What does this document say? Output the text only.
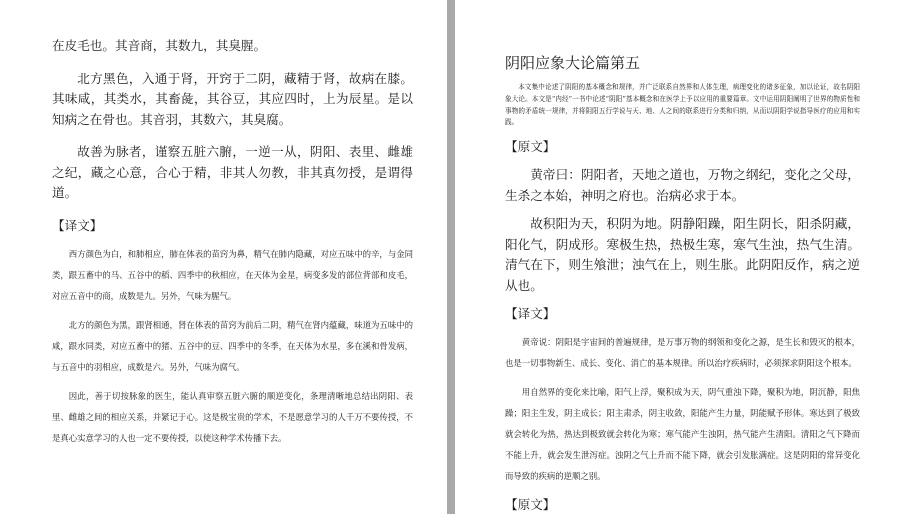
在皮毛也。其音商，其数九，其臭腥。

北方黑色，入通于肾，开窍于二阴，藏精于肾，故病在膝。其味咸，其类水，其畜彘，其谷豆，其应四时，上为辰星。是以知病之在骨也。其音羽，其数六，其臭腐。

故善为脉者，谨察五脏六腑，一逆一从，阴阳、表里、雌雄之纪，藏之心意，合心于精，非其人勿教，非其真勿授，是谓得道。

【译文】

西方颜色为白，和肺相应，肺在体表的苗窍为鼻，精气在肺内隐藏，对应五味中的辛，与金同类，跟五畜中的马、五谷中的稻、四季中的秋相应，在天体为金星，病变多发的部位背部和皮毛，对应五音中的商，成数是九。另外，气味为腥气。

北方的颜色为黑，跟肾相通，肾在体表的苗窍为前后二阴，精气在肾内蕴藏，味道为五味中的咸，跟水同类，对应五畜中的猪、五谷中的豆、四季中的冬季，在天体为水星，多在溪和骨发病，与五音中的羽相应，成数是六。另外，气味为腐气。

因此，善于切按脉象的医生，能认真审察五脏六腑的顺逆变化，条理清晰地总结出阴阳、表里、雌雄之间的相应关系，并紧记于心。这是极宝贵的学术，不是愿意学习的人千万不要传授，不是真心实意学习的人也一定不要传授，以使这种学术传播下去。

阴阳应象大论篇第五

本文集中论述了阴阳的基本概念和规律，并广泛联系自然界和人体生理，病理变化的诸多征象，加以论证，故名阴阳象大论。本文是“内经”一书中论述“阴阳”基本概念和在医学上予以应用的重要篇章。文中运用阴阳阐明了世界的物质性和事物的矛盾统一规律，并将阴阳五行学说与天、地、人之间的联系进行分类和归纳，从而以阴阳学说指导医疗的应用和实践。

【原文】

黄帝曰：阴阳者，天地之道也，万物之纲纪，变化之父母，生杀之本始，神明之府也。治病必求于本。

故积阳为天，积阴为地。阴静阳躁，阳生阴长，阳杀阴藏，阳化气，阴成形。寒极生热，热极生寒，寒气生浊，热气生清。清气在下，则生飧泄；浊气在上，则生胀。此阴阳反作，病之逆从也。

【译文】

黄帝说：阴阳是宇宙间的普遍规律，是万事万物的纲领和变化之源，是生长和毁灭的根本，也是一切事物新生、成长、变化、消亡的基本规律。所以治疗疾病时，必须探求阴阳这个根本。

用自然界的变化来比喻，阳气上浮，聚积成为天，阴气重浊下降，聚积为地，阴沉静，阳焦躁；阳主生发，阴主成长；阳主肃杀，阴主收敛，阳能产生力量，阴能赋予形体。寒达到了极致就会转化为热，热达到极致就会转化为寒；寒气能产生浊阴，热气能产生清阳。清阳之气下降而不能上升，就会发生泄泻症。浊阴之气上升而不能下降，就会引发胀满症。这是阴阳的常异变化而导致的疾病的逆顺之别。

【原文】
